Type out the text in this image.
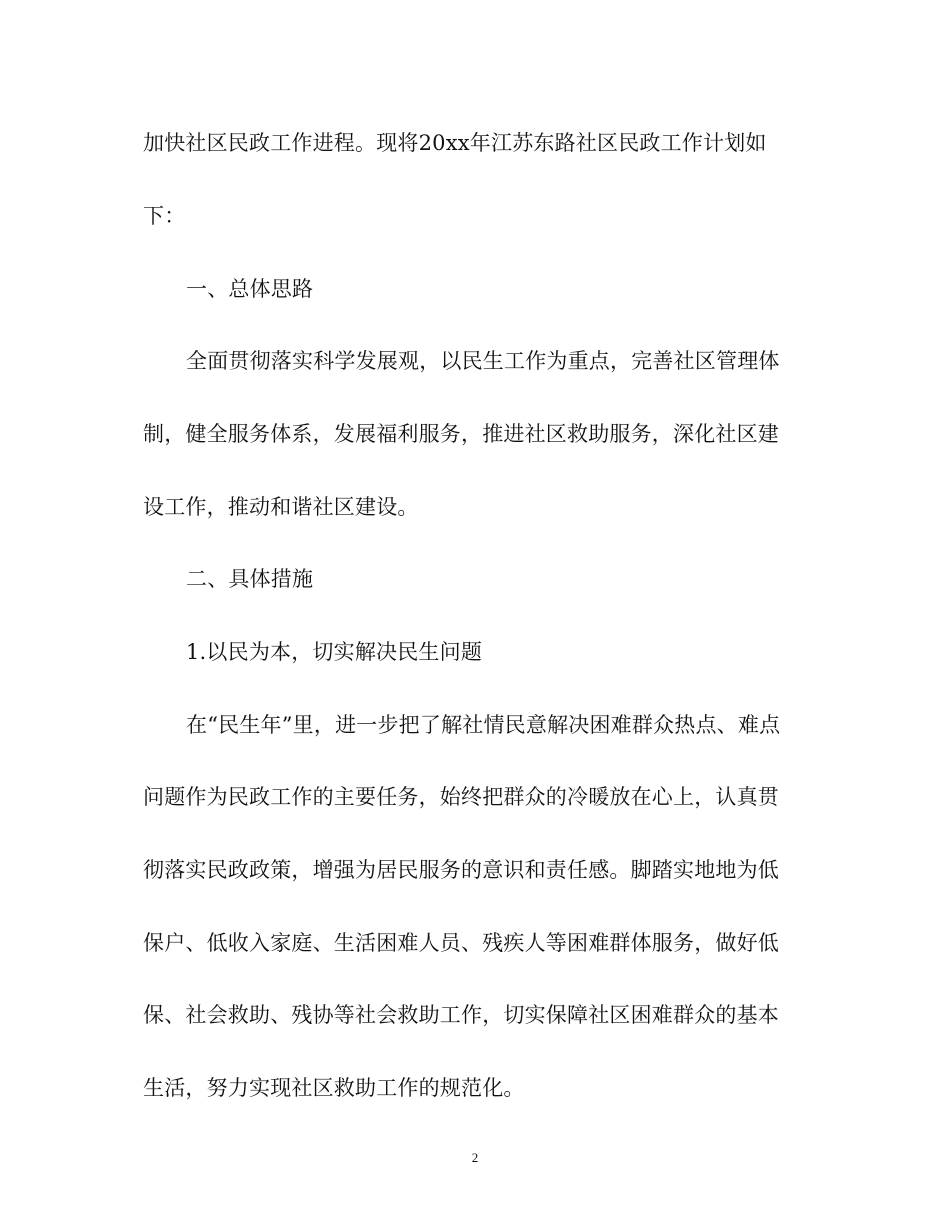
加快社区民政工作进程。现将20xx年江苏东路社区民政工作计划如
下：
一、总体思路
全面贯彻落实科学发展观，以民生工作为重点，完善社区管理体
制，健全服务体系，发展福利服务，推进社区救助服务，深化社区建
设工作，推动和谐社区建设。
二、具体措施
1.以民为本，切实解决民生问题
在“民生年”里，进一步把了解社情民意解决困难群众热点、难点
问题作为民政工作的主要任务，始终把群众的冷暖放在心上，认真贯
彻落实民政政策，增强为居民服务的意识和责任感。脚踏实地地为低
保户、低收入家庭、生活困难人员、残疾人等困难群体服务，做好低
保、社会救助、残协等社会救助工作，切实保障社区困难群众的基本
生活，努力实现社区救助工作的规范化。
2
